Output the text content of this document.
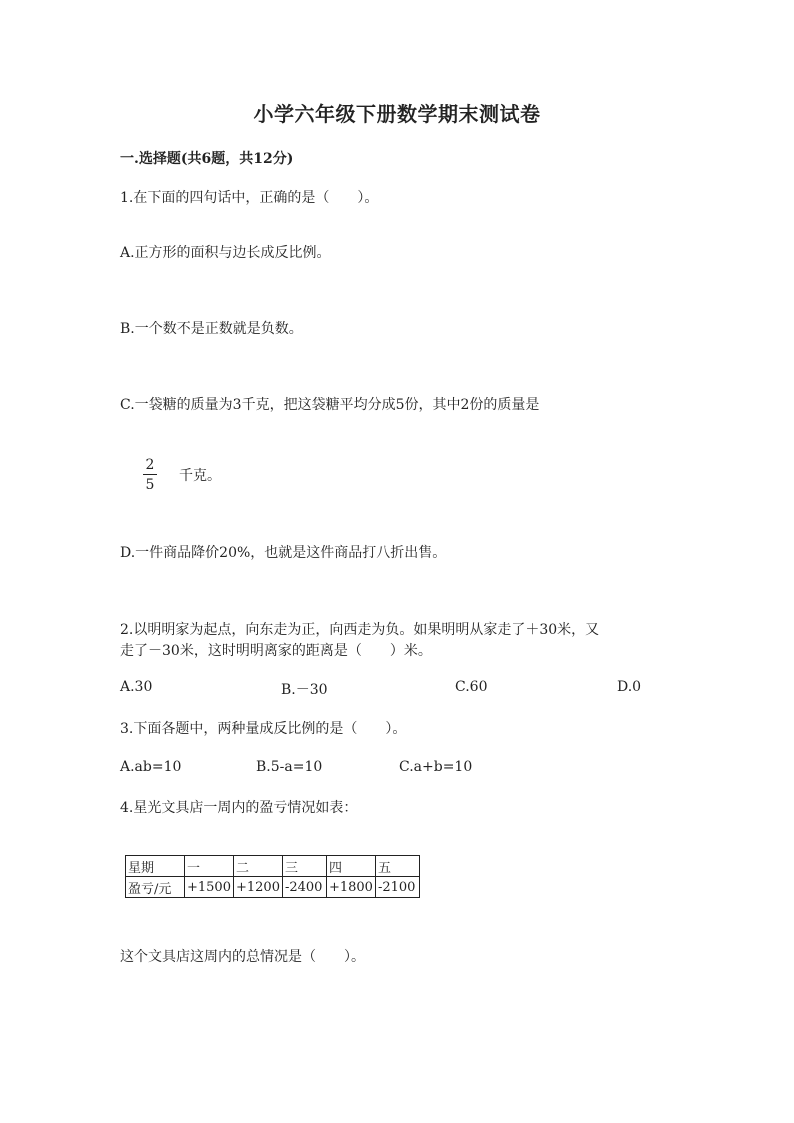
小学六年级下册数学期末测试卷
一.选择题(共6题，共12分)
1.在下面的四句话中，正确的是（　　）。
A.正方形的面积与边长成反比例。
B.一个数不是正数就是负数。
C.一袋糖的质量为3千克，把这袋糖平均分成5份，其中2份的质量是
2
5
千克。
D.一件商品降价20%，也就是这件商品打八折出售。
2.以明明家为起点，向东走为正，向西走为负。如果明明从家走了＋30米，又
走了－30米，这时明明离家的距离是（　　）米。
A.30	B.－30	C.60	D.0
3.下面各题中，两种量成反比例的是（　　）。
A.ab=10	B.5-a=10	C.a+b=10
4.星光文具店一周内的盈亏情况如表：
星期	一	二	三	四	五
盈亏/元	+1500	+1200	-2400	+1800	-2100
这个文具店这周内的总情况是（　　）。
